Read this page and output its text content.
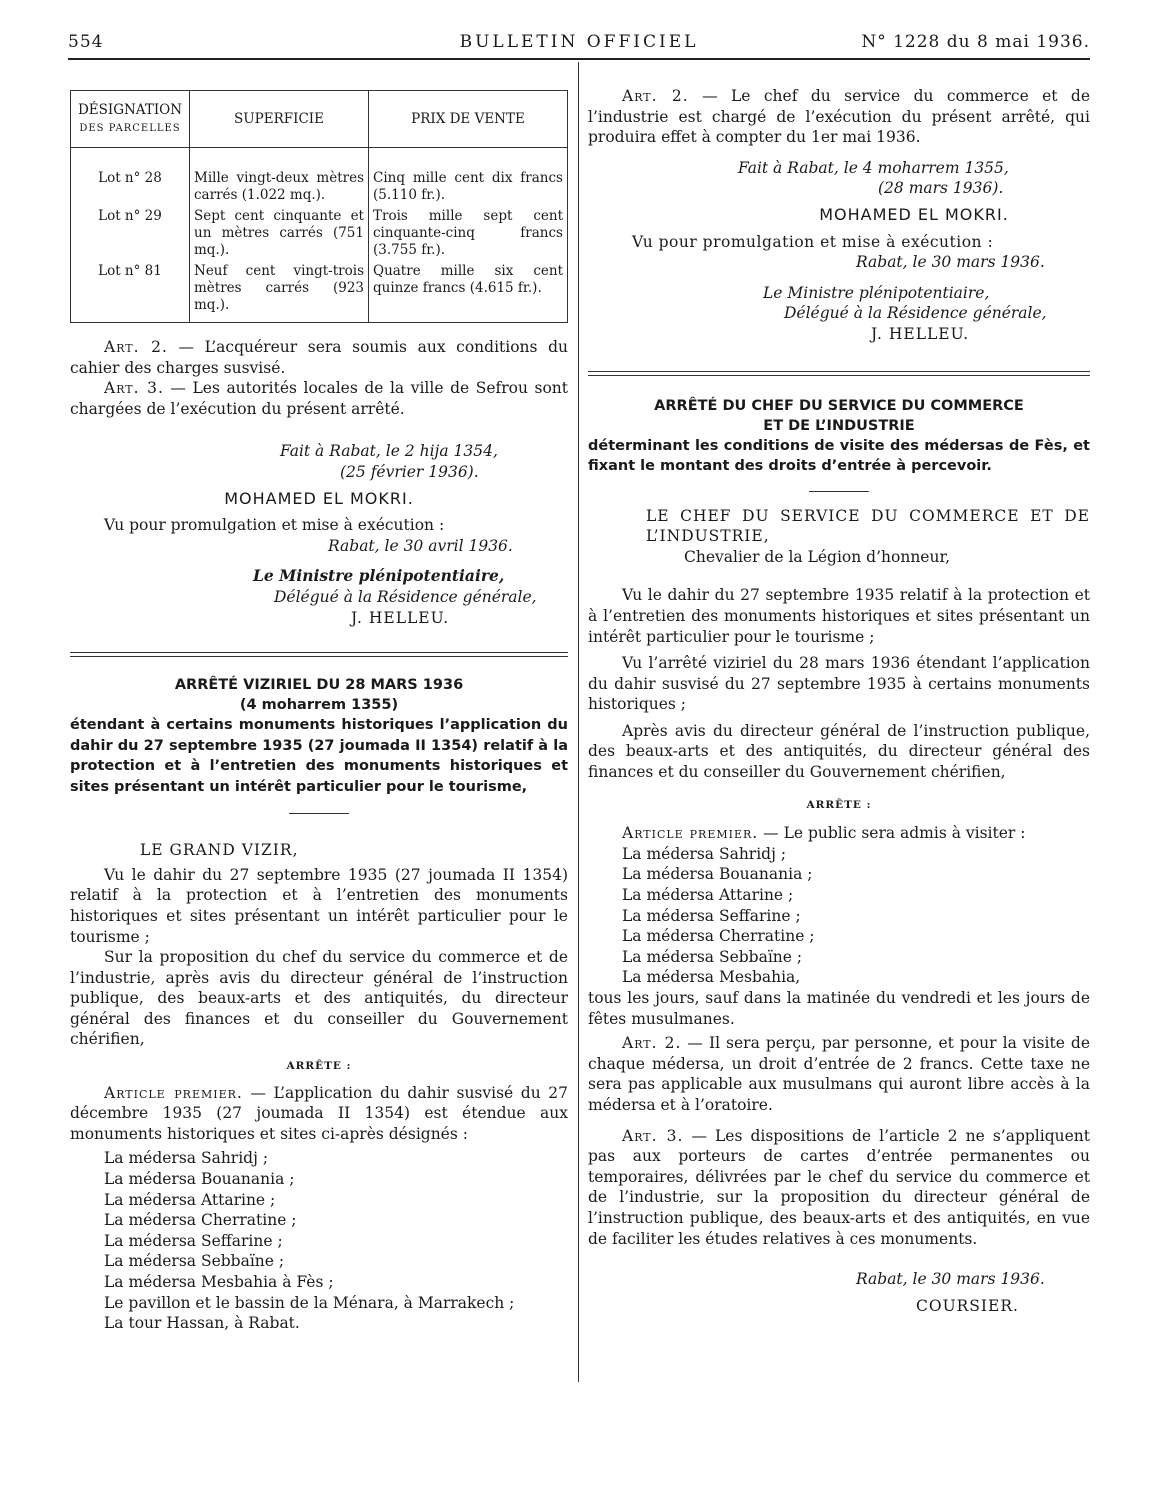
554	BULLETIN OFFICIEL	N° 1228 du 8 mai 1936.
DÉSIGNATION
DES PARCELLES	SUPERFICIE	PRIX DE VENTE
Lot n° 28	Mille vingt-deux mètres carrés (1.022 mq.).	Cinq mille cent dix francs (5.110 fr.).
Lot n° 29	Sept cent cinquante et un mètres carrés (751 mq.).	Trois mille sept cent cinquante-cinq francs (3.755 fr.).
Lot n° 81	Neuf cent vingt-trois mètres carrés (923 mq.).	Quatre mille six cent quinze francs (4.615 fr.).

Art. 2. — L’acquéreur sera soumis aux conditions du cahier des charges susvisé.

Art. 3. — Les autorités locales de la ville de Sefrou sont chargées de l’exécution du présent arrêté.

Fait à Rabat, le 2 hija 1354,

(25 février 1936).

MOHAMED EL MOKRI.

Vu pour promulgation et mise à exécution :

Rabat, le 30 avril 1936.

Le Ministre plénipotentiaire,

Délégué à la Résidence générale,

J. HELLEU.

ARRÊTÉ VIZIRIEL DU 28 MARS 1936

(4 moharrem 1355)

étendant à certains monuments historiques l’application du dahir du 27 septembre 1935 (27 joumada II 1354) relatif à la protection et à l’entretien des monuments historiques et sites présentant un intérêt particulier pour le tourisme,

LE GRAND VIZIR,

Vu le dahir du 27 septembre 1935 (27 joumada II 1354) relatif à la protection et à l’entretien des monuments historiques et sites présentant un intérêt particulier pour le tourisme ;

Sur la proposition du chef du service du commerce et de l’industrie, après avis du directeur général de l’instruction publique, des beaux-arts et des antiquités, du directeur général des finances et du conseiller du Gouvernement chérifien,

ARRÊTE :

Article premier. — L’application du dahir susvisé du 27 décembre 1935 (27 joumada II 1354) est étendue aux monuments historiques et sites ci-après désignés :

La médersa Sahridj ;

La médersa Bouanania ;

La médersa Attarine ;

La médersa Cherratine ;

La médersa Seffarine ;

La médersa Sebbaïne ;

La médersa Mesbahia à Fès ;

Le pavillon et le bassin de la Ménara, à Marrakech ;

La tour Hassan, à Rabat.

Art. 2. — Le chef du service du commerce et de l’industrie est chargé de l’exécution du présent arrêté, qui produira effet à compter du 1er mai 1936.

Fait à Rabat, le 4 moharrem 1355,

(28 mars 1936).

MOHAMED EL MOKRI.

Vu pour promulgation et mise à exécution :

Rabat, le 30 mars 1936.

Le Ministre plénipotentiaire,

Délégué à la Résidence générale,

J. HELLEU.

ARRÊTÉ DU CHEF DU SERVICE DU COMMERCE

ET DE L’INDUSTRIE

déterminant les conditions de visite des médersas de Fès, et fixant le montant des droits d’entrée à percevoir.

LE CHEF DU SERVICE DU COMMERCE ET DE L’INDUSTRIE,

Chevalier de la Légion d’honneur,

Vu le dahir du 27 septembre 1935 relatif à la protection et à l’entretien des monuments historiques et sites présentant un intérêt particulier pour le tourisme ;

Vu l’arrêté viziriel du 28 mars 1936 étendant l’application du dahir susvisé du 27 septembre 1935 à certains monuments historiques ;

Après avis du directeur général de l’instruction publique, des beaux-arts et des antiquités, du directeur général des finances et du conseiller du Gouvernement chérifien,

ARRÊTE :

Article premier. — Le public sera admis à visiter :

La médersa Sahridj ;

La médersa Bouanania ;

La médersa Attarine ;

La médersa Seffarine ;

La médersa Cherratine ;

La médersa Sebbaïne ;

La médersa Mesbahia,

tous les jours, sauf dans la matinée du vendredi et les jours de fêtes musulmanes.

Art. 2. — Il sera perçu, par personne, et pour la visite de chaque médersa, un droit d’entrée de 2 francs. Cette taxe ne sera pas applicable aux musulmans qui auront libre accès à la médersa et à l’oratoire.

Art. 3. — Les dispositions de l’article 2 ne s’appliquent pas aux porteurs de cartes d’entrée permanentes ou temporaires, délivrées par le chef du service du commerce et de l’industrie, sur la proposition du directeur général de l’instruction publique, des beaux-arts et des antiquités, en vue de faciliter les études relatives à ces monuments.

Rabat, le 30 mars 1936.

COURSIER.
